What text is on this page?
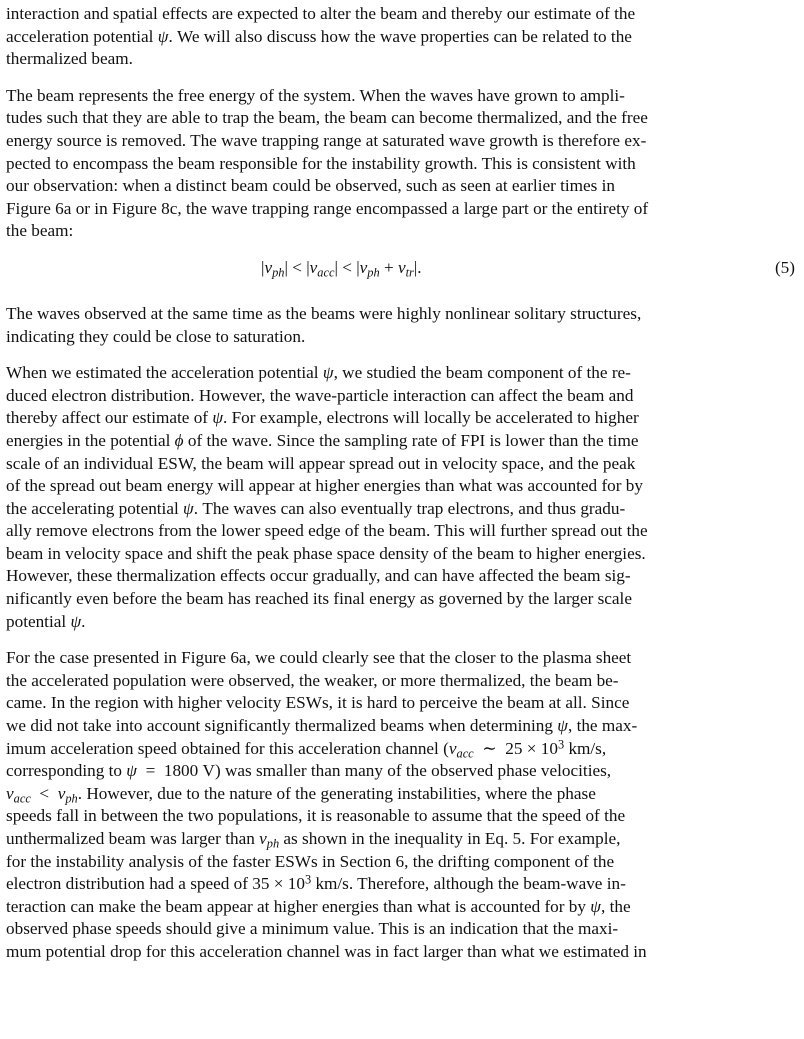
interaction and spatial effects are expected to alter the beam and thereby our estimate of the
acceleration potential ψ. We will also discuss how the wave properties can be related to the
thermalized beam.
The beam represents the free energy of the system. When the waves have grown to ampli-
tudes such that they are able to trap the beam, the beam can become thermalized, and the free
energy source is removed. The wave trapping range at saturated wave growth is therefore ex-
pected to encompass the beam responsible for the instability growth. This is consistent with
our observation: when a distinct beam could be observed, such as seen at earlier times in
Figure 6a or in Figure 8c, the wave trapping range encompassed a large part or the entirety of
the beam:
$|v_{ph}| < |v_{acc}| < |v_{ph} + v_{tr}|$.	(5)
The waves observed at the same time as the beams were highly nonlinear solitary structures,
indicating they could be close to saturation.
When we estimated the acceleration potential ψ, we studied the beam component of the re-
duced electron distribution. However, the wave-particle interaction can affect the beam and
thereby affect our estimate of ψ. For example, electrons will locally be accelerated to higher
energies in the potential ϕ of the wave. Since the sampling rate of FPI is lower than the time
scale of an individual ESW, the beam will appear spread out in velocity space, and the peak
of the spread out beam energy will appear at higher energies than what was accounted for by
the accelerating potential ψ. The waves can also eventually trap electrons, and thus gradu-
ally remove electrons from the lower speed edge of the beam. This will further spread out the
beam in velocity space and shift the peak phase space density of the beam to higher energies.
However, these thermalization effects occur gradually, and can have affected the beam sig-
nificantly even before the beam has reached its final energy as governed by the larger scale
potential ψ.
For the case presented in Figure 6a, we could clearly see that the closer to the plasma sheet
the accelerated population were observed, the weaker, or more thermalized, the beam be-
came. In the region with higher velocity ESWs, it is hard to perceive the beam at all. Since
we did not take into account significantly thermalized beams when determining ψ, the max-
imum acceleration speed obtained for this acceleration channel ($v_{acc}$  ∼  $25 \times 10^3$ km/s,
corresponding to ψ  =  1800 V) was smaller than many of the observed phase velocities,
$v_{acc} < v_{ph}$. However, due to the nature of the generating instabilities, where the phase
speeds fall in between the two populations, it is reasonable to assume that the speed of the
unthermalized beam was larger than $v_{ph}$ as shown in the inequality in Eq. 5. For example,
for the instability analysis of the faster ESWs in Section 6, the drifting component of the
electron distribution had a speed of $35 \times 10^3$ km/s. Therefore, although the beam-wave in-
teraction can make the beam appear at higher energies than what is accounted for by ψ, the
observed phase speeds should give a minimum value. This is an indication that the maxi-
mum potential drop for this acceleration channel was in fact larger than what we estimated in
